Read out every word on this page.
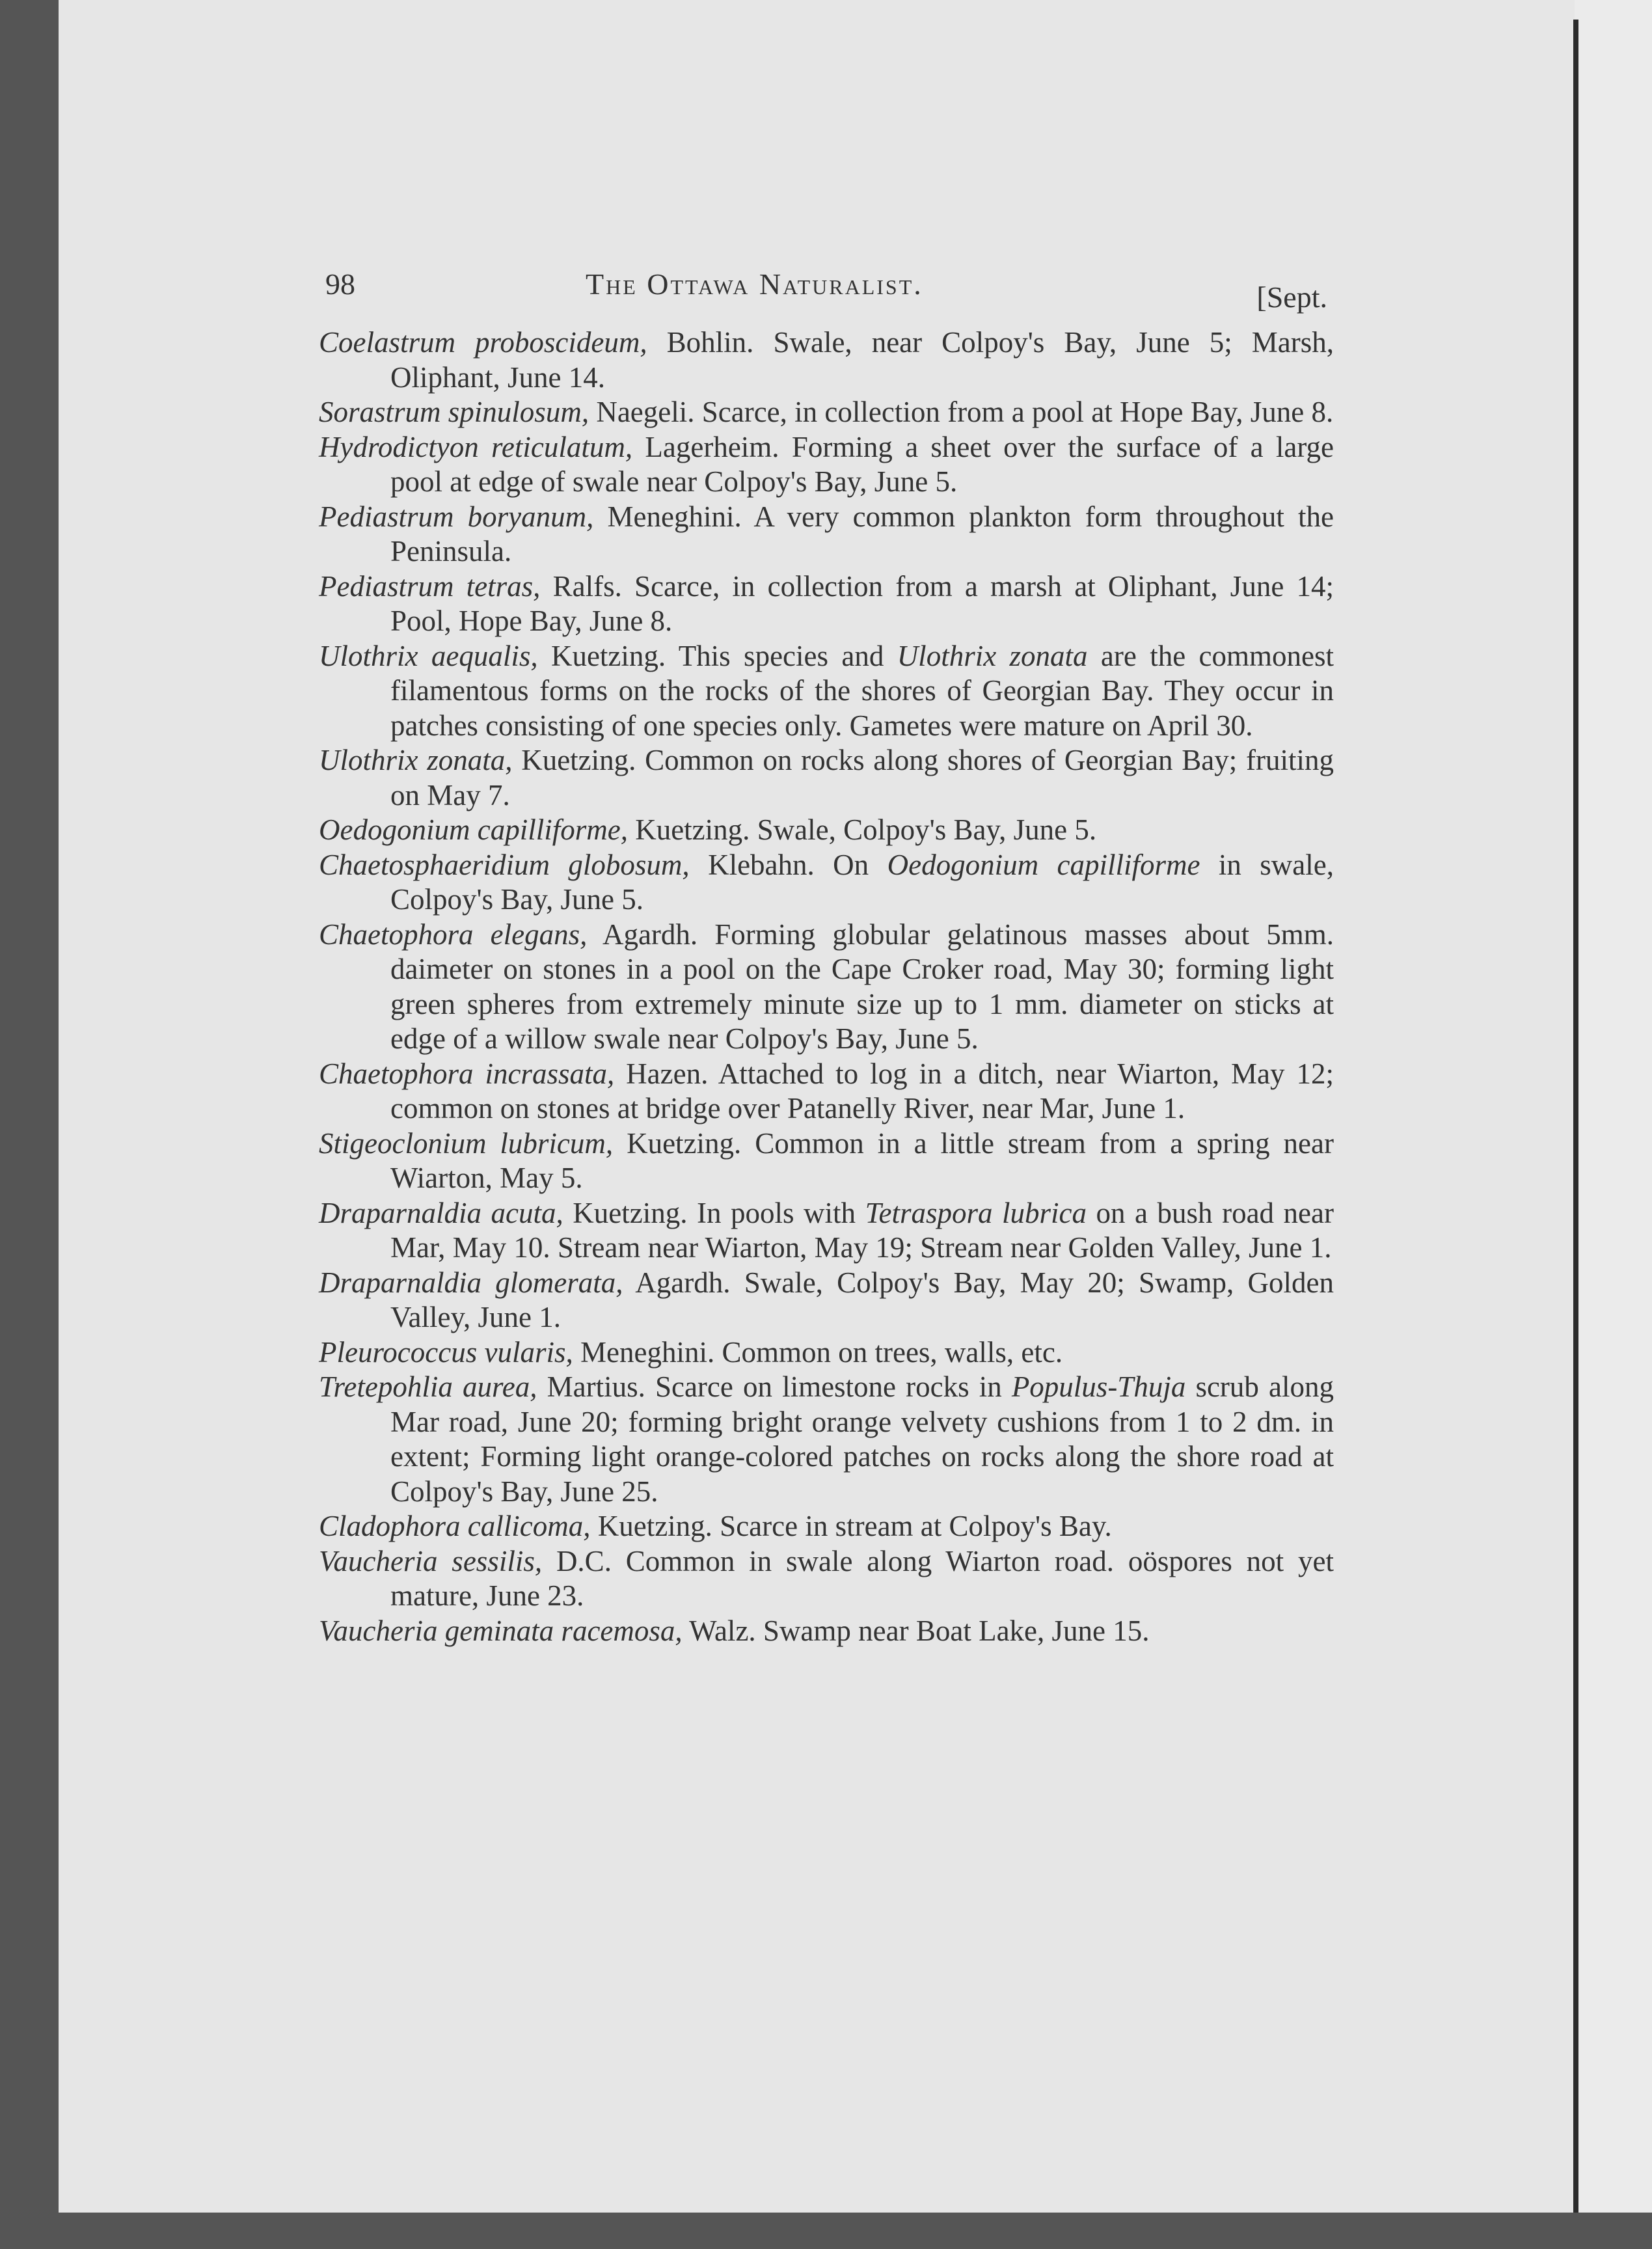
98	The Ottawa Naturalist.	[Sept.

Coelastrum proboscideum, Bohlin. Swale, near Colpoy's Bay, June 5; Marsh, Oliphant, June 14.

Sorastrum spinulosum, Naegeli. Scarce, in collection from a pool at Hope Bay, June 8.

Hydrodictyon reticulatum, Lagerheim. Forming a sheet over the surface of a large pool at edge of swale near Colpoy's Bay, June 5.

Pediastrum boryanum, Meneghini. A very common plankton form throughout the Peninsula.

Pediastrum tetras, Ralfs. Scarce, in collection from a marsh at Oliphant, June 14; Pool, Hope Bay, June 8.

Ulothrix aequalis, Kuetzing. This species and Ulothrix zonata are the commonest filamentous forms on the rocks of the shores of Georgian Bay. They occur in patches consisting of one species only. Gametes were mature on April 30.

Ulothrix zonata, Kuetzing. Common on rocks along shores of Georgian Bay; fruiting on May 7.

Oedogonium capilliforme, Kuetzing. Swale, Colpoy's Bay, June 5.

Chaetosphaeridium globosum, Klebahn. On Oedogonium capilliforme in swale, Colpoy's Bay, June 5.

Chaetophora elegans, Agardh. Forming globular gelatinous masses about 5mm. daimeter on stones in a pool on the Cape Croker road, May 30; forming light green spheres from extremely minute size up to 1 mm. diameter on sticks at edge of a willow swale near Colpoy's Bay, June 5.

Chaetophora incrassata, Hazen. Attached to log in a ditch, near Wiarton, May 12; common on stones at bridge over Patanelly River, near Mar, June 1.

Stigeoclonium lubricum, Kuetzing. Common in a little stream from a spring near Wiarton, May 5.

Draparnaldia acuta, Kuetzing. In pools with Tetraspora lubrica on a bush road near Mar, May 10. Stream near Wiarton, May 19; Stream near Golden Valley, June 1.

Draparnaldia glomerata, Agardh. Swale, Colpoy's Bay, May 20; Swamp, Golden Valley, June 1.

Pleurococcus vularis, Meneghini. Common on trees, walls, etc.

Tretepohlia aurea, Martius. Scarce on limestone rocks in Populus-Thuja scrub along Mar road, June 20; forming bright orange velvety cushions from 1 to 2 dm. in extent; Forming light orange-colored patches on rocks along the shore road at Colpoy's Bay, June 25.

Cladophora callicoma, Kuetzing. Scarce in stream at Colpoy's Bay.

Vaucheria sessilis, D.C. Common in swale along Wiarton road. oöspores not yet mature, June 23.

Vaucheria geminata racemosa, Walz. Swamp near Boat Lake, June 15.
